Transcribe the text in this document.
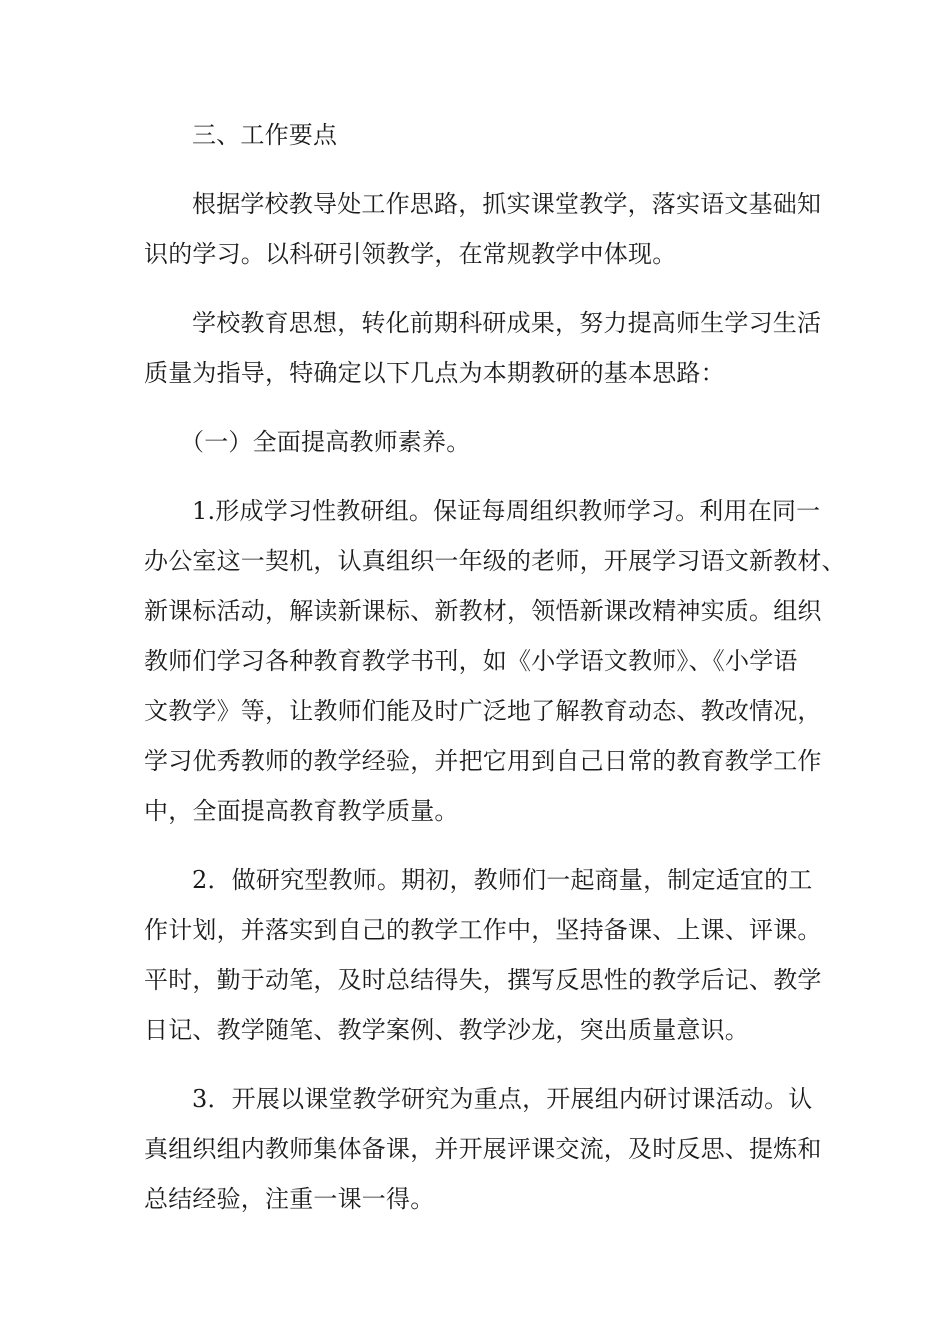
三、工作要点
根据学校教导处工作思路，抓实课堂教学，落实语文基础知
识的学习。以科研引领教学，在常规教学中体现。
学校教育思想，转化前期科研成果，努力提高师生学习生活
质量为指导，特确定以下几点为本期教研的基本思路：
（一）全面提高教师素养。
1.形成学习性教研组。保证每周组织教师学习。利用在同一
办公室这一契机，认真组织一年级的老师，开展学习语文新教材、
新课标活动，解读新课标、新教材，领悟新课改精神实质。组织
教师们学习各种教育教学书刊，如《小学语文教师》、《小学语
文教学》等，让教师们能及时广泛地了解教育动态、教改情况，
学习优秀教师的教学经验，并把它用到自己日常的教育教学工作
中，全面提高教育教学质量。
2．做研究型教师。期初，教师们一起商量，制定适宜的工
作计划，并落实到自己的教学工作中，坚持备课、上课、评课。
平时，勤于动笔，及时总结得失，撰写反思性的教学后记、教学
日记、教学随笔、教学案例、教学沙龙，突出质量意识。
3．开展以课堂教学研究为重点，开展组内研讨课活动。认
真组织组内教师集体备课，并开展评课交流，及时反思、提炼和
总结经验，注重一课一得。
